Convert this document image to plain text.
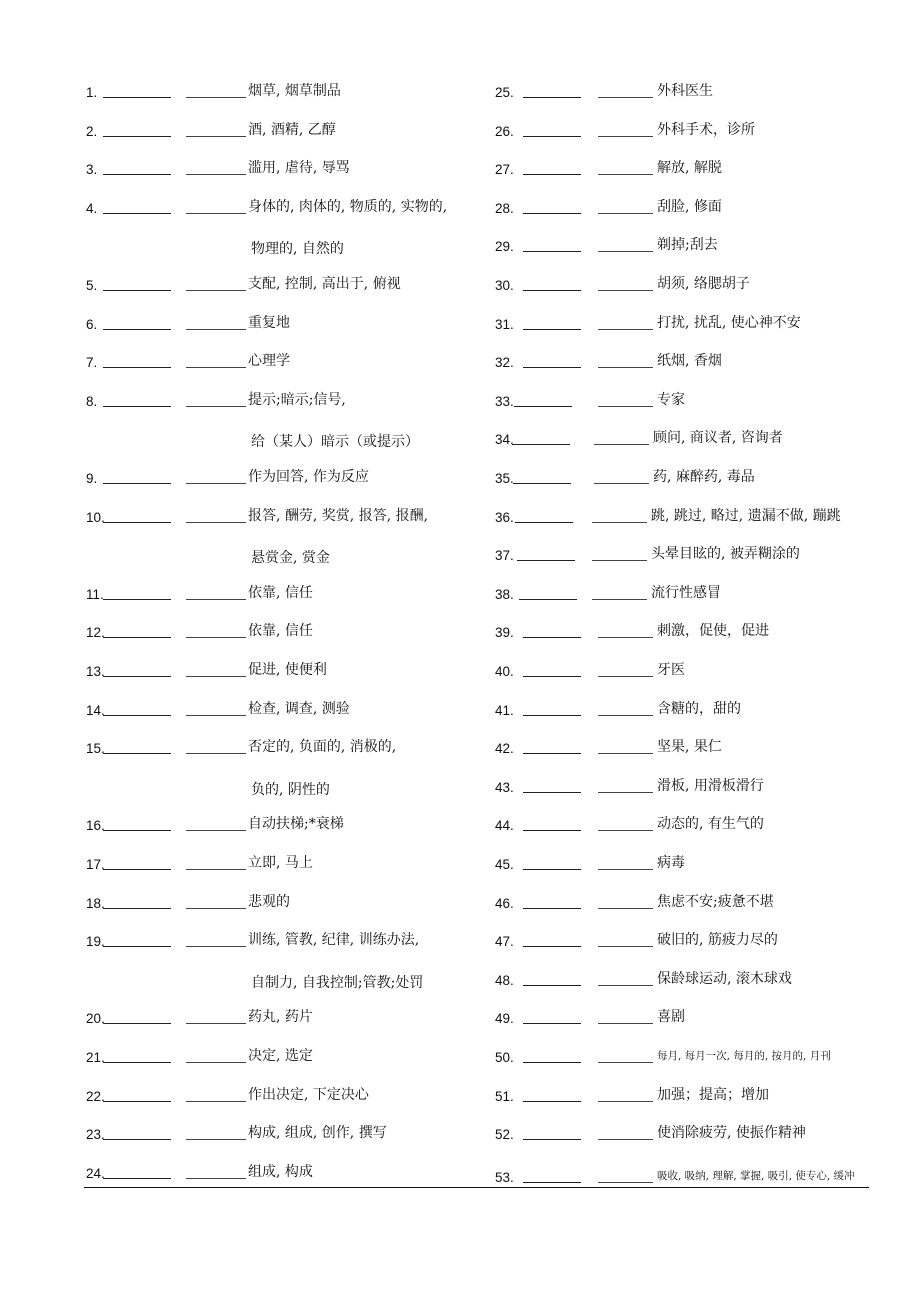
1.	烟草, 烟草制品
2.	酒, 酒精, 乙醇
3.	滥用, 虐待, 辱骂
4.	身体的, 肉体的, 物质的, 实物的,
物理的, 自然的
5.	支配, 控制, 高出于, 俯视
6.	重复地
7.	心理学
8.	提示;暗示;信号,
给（某人）暗示（或提示）
9.	作为回答, 作为反应
10.	报答, 酬劳, 奖赏, 报答, 报酬,
悬赏金, 赏金
11.	依靠, 信任
12.	依靠, 信任
13.	促进, 使便利
14.	检查, 调查, 测验
15.	否定的, 负面的, 消极的,
负的, 阴性的
16.	自动扶梯;*衰梯
17.	立即, 马上
18.	悲观的
19.	训练, 管教, 纪律, 训练办法,
自制力, 自我控制;管教;处罚
20.	药丸, 药片
21.	决定, 选定
22.	作出决定, 下定决心
23.	构成, 组成, 创作, 撰写
24.	组成, 构成
25.	外科医生
26.	外科手术，诊所
27.	解放, 解脱
28.	刮脸, 修面
29.	剃掉;刮去
30.	胡须, 络腮胡子
31.	打扰, 扰乱, 使心神不安
32.	纸烟, 香烟
33.	专家
34.	顾问, 商议者, 咨询者
35.	药, 麻醉药, 毒品
36.	跳, 跳过, 略过, 遗漏不做, 蹦跳
37.	头晕目眩的, 被弄糊涂的
38.	流行性感冒
39.	刺激，促使，促进
40.	牙医
41.	含糖的，甜的
42.	坚果, 果仁
43.	滑板, 用滑板滑行
44.	动态的, 有生气的
45.	病毒
46.	焦虑不安;疲惫不堪
47.	破旧的, 筋疲力尽的
48.	保龄球运动, 滚木球戏
49.	喜剧
50.	每月, 每月一次, 每月的, 按月的, 月刊
51.	加强；提高；增加
52.	使消除疲劳, 使振作精神
53.	吸收, 吸纳, 理解, 掌握, 吸引, 使专心, 缓冲
